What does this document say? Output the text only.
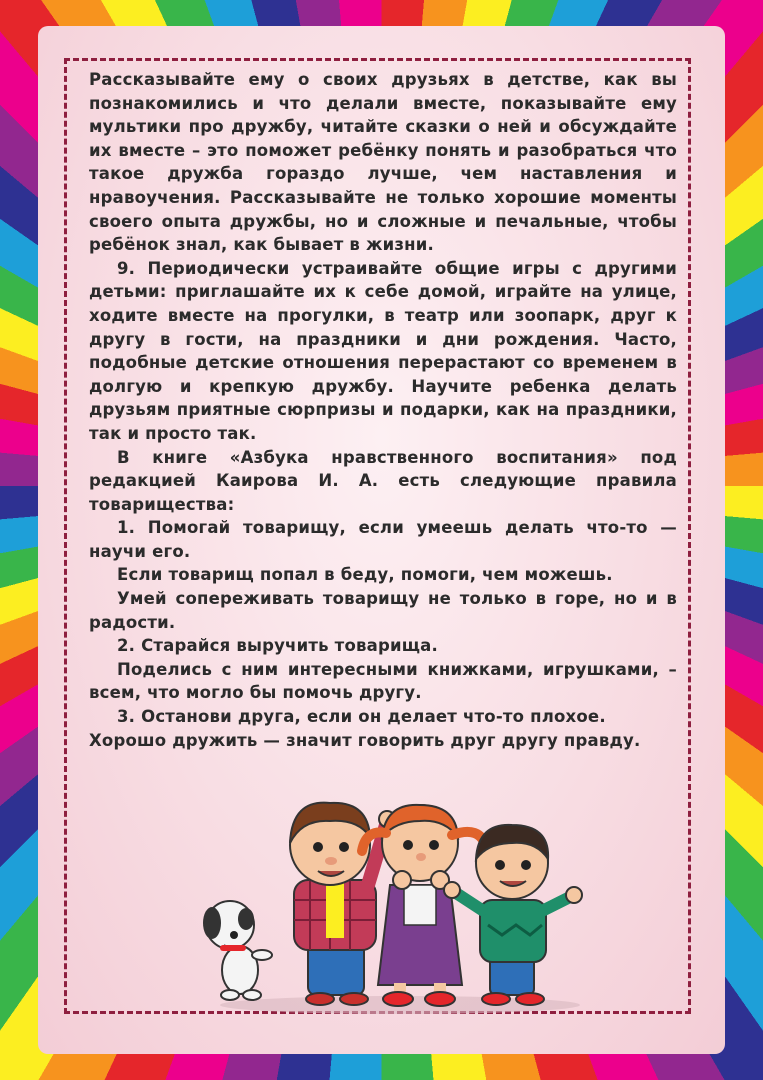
Рассказывайте ему о своих друзьях в детстве, как вы познакомились и что делали вместе, показывайте ему мультики про дружбу, читайте сказки о ней и обсуждайте их вместе – это поможет ребёнку понять и разобраться что такое дружба гораздо лучше, чем наставления и нравоучения. Рассказывайте не только хорошие моменты своего опыта дружбы, но и сложные и печальные, чтобы ребёнок знал, как бывает в жизни.

9. Периодически устраивайте общие игры с другими детьми: приглашайте их к себе домой, играйте на улице, ходите вместе на прогулки, в театр или зоопарк, друг к другу в гости, на праздники и дни рождения. Часто, подобные детские отношения перерастают со временем в долгую и крепкую дружбу. Научите ребенка делать друзьям приятные сюрпризы и подарки, как на праздники, так и просто так.

В книге «Азбука нравственного воспитания» под редакцией Каирова И. А. есть следующие правила товарищества:

1. Помогай товарищу, если умеешь делать что-то — научи его.

Если товарищ попал в беду, помоги, чем можешь.

Умей сопереживать товарищу не только в горе, но и в радости.

2. Старайся выручить товарища.

Поделись с ним интересными книжками, игрушками, – всем, что могло бы помочь другу.

3. Останови друга, если он делает что-то плохое.

Хорошо дружить — значит говорить друг другу правду.
